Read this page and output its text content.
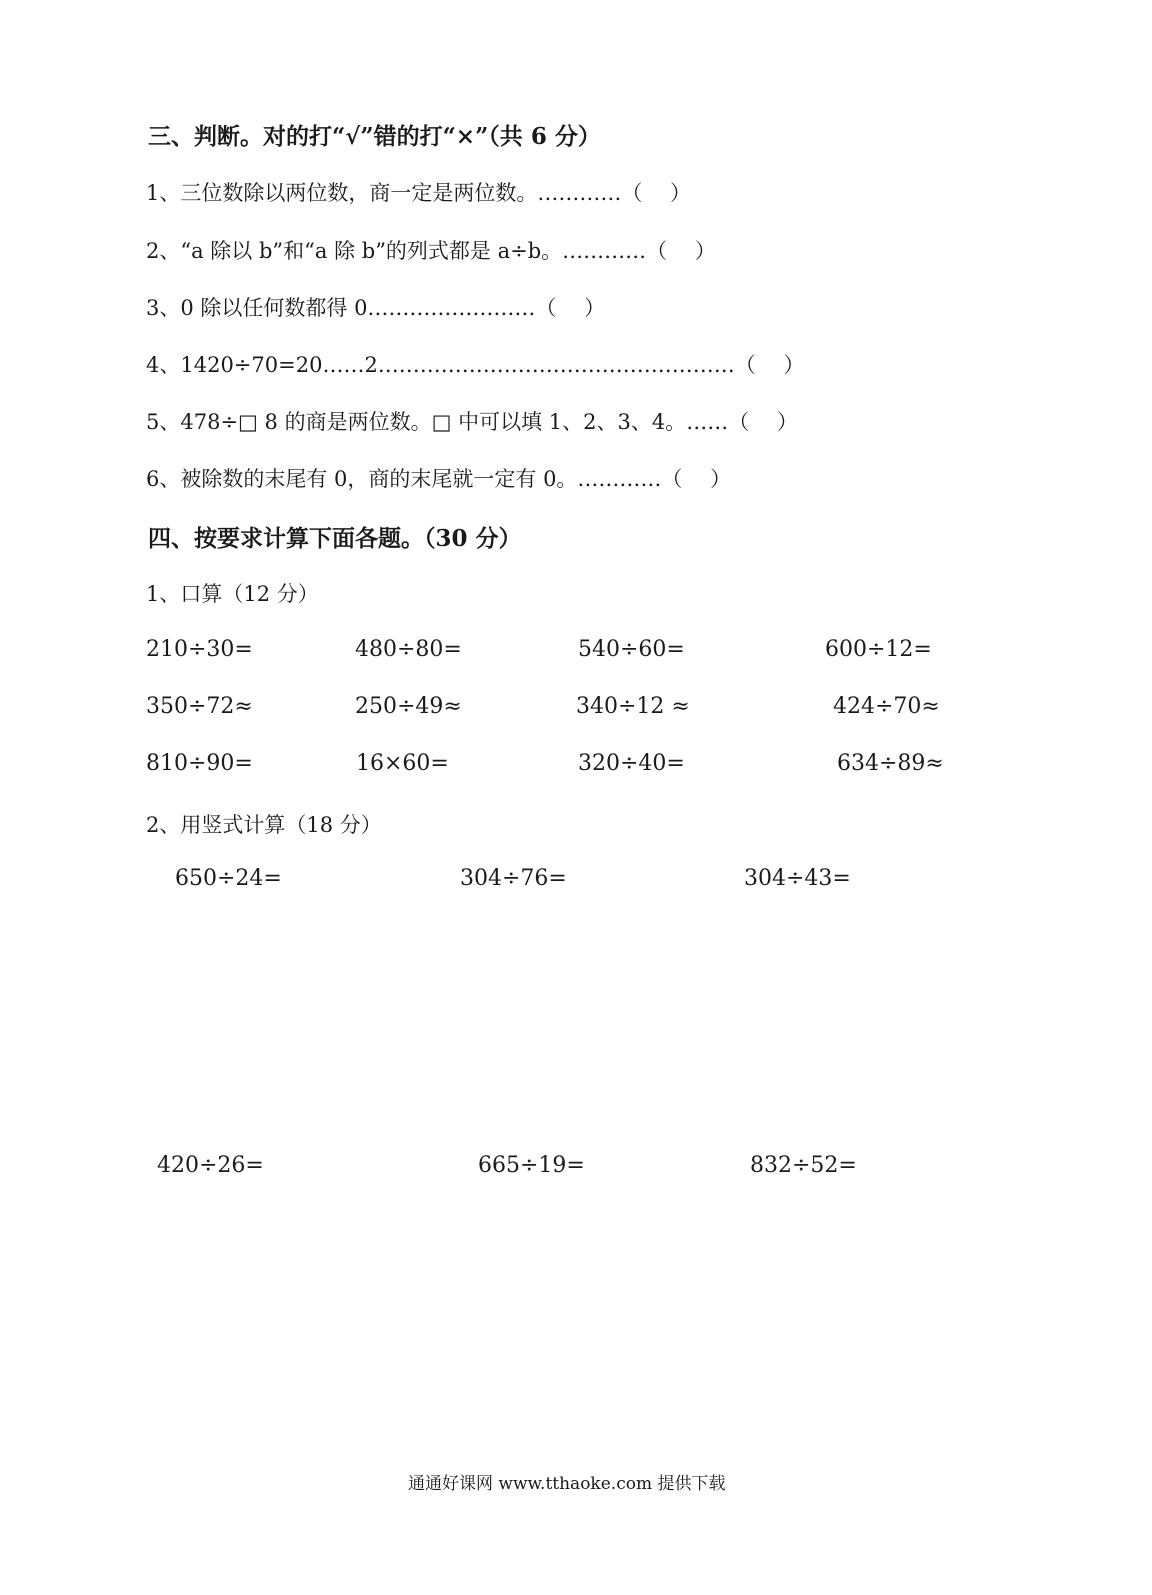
三、判断。对的打“√”错的打“×”（共 6 分）
1、三位数除以两位数，商一定是两位数。…………（　 ）
2、“a 除以 b”和“a 除 b”的列式都是 a÷b。…………（　 ）
3、0 除以任何数都得 0……………………（　 ）
4、1420÷70=20……2……………………………………………（　 ）
5、478÷□ 8 的商是两位数。□ 中可以填 1、2、3、4。……（　 ）
6、被除数的末尾有 0，商的末尾就一定有 0。…………（　 ）
四、按要求计算下面各题。（30 分）
1、口算（12 分）
210÷30=	480÷80=	540÷60=	600÷12=
350÷72≈	250÷49≈	340÷12 ≈	424÷70≈
810÷90=	16×60=	320÷40=	634÷89≈
2、用竖式计算（18 分）
650÷24=	304÷76=	304÷43=
420÷26=	665÷19=	832÷52=
通通好课网 www.tthaoke.com 提供下载
